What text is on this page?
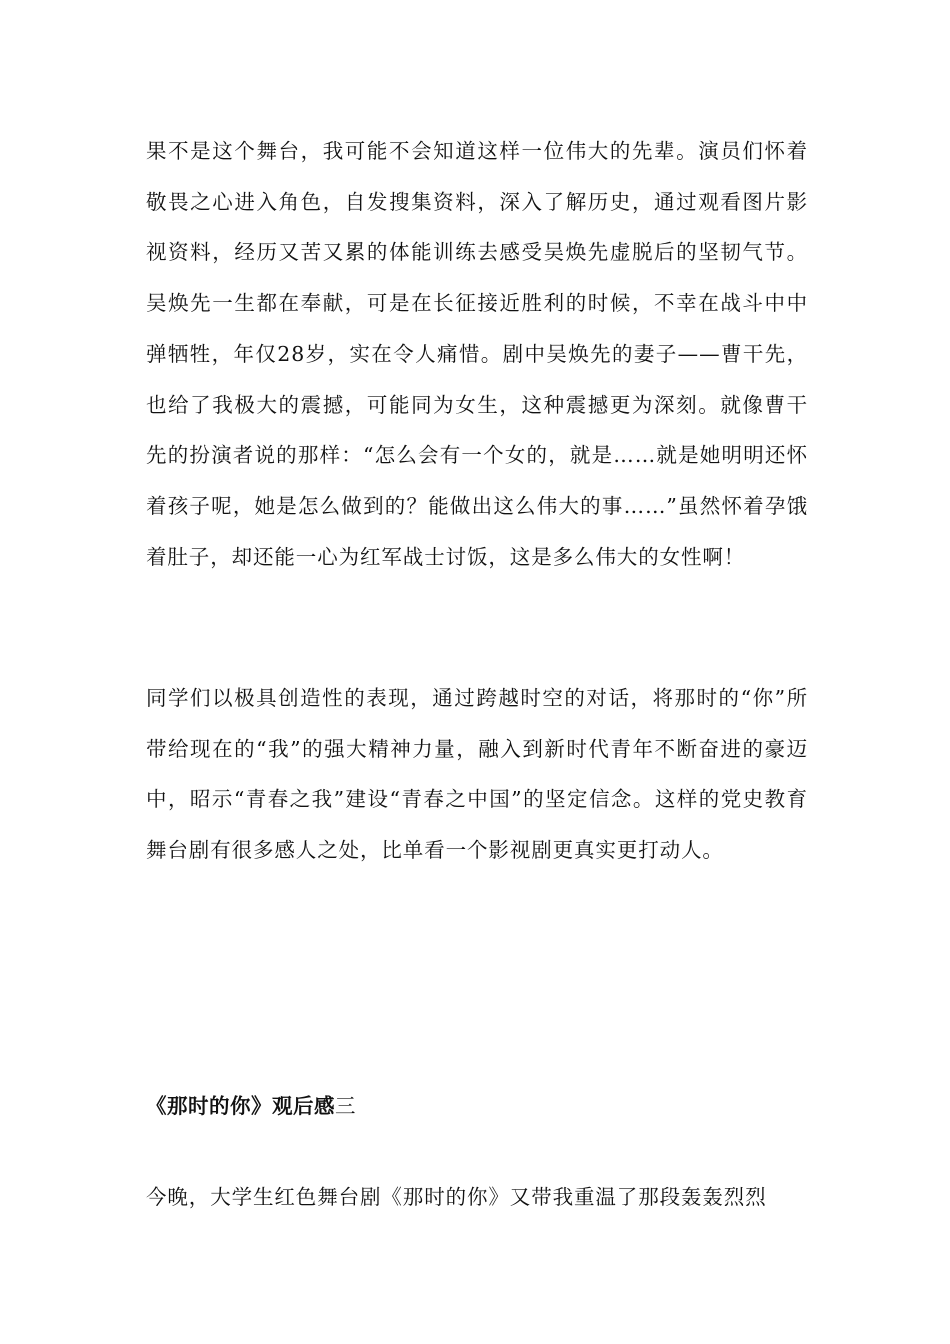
果不是这个舞台，我可能不会知道这样一位伟大的先辈。演员们怀着敬畏之心进入角色，自发搜集资料，深入了解历史，通过观看图片影视资料，经历又苦又累的体能训练去感受吴焕先虚脱后的坚韧气节。吴焕先一生都在奉献，可是在长征接近胜利的时候，不幸在战斗中中弹牺牲，年仅28岁，实在令人痛惜。剧中吴焕先的妻子——曹干先，也给了我极大的震撼，可能同为女生，这种震撼更为深刻。就像曹干先的扮演者说的那样：“怎么会有一个女的，就是……就是她明明还怀着孩子呢，她是怎么做到的？能做出这么伟大的事……”虽然怀着孕饿着肚子，却还能一心为红军战士讨饭，这是多么伟大的女性啊！

同学们以极具创造性的表现，通过跨越时空的对话，将那时的“你”所带给现在的“我”的强大精神力量，融入到新时代青年不断奋进的豪迈中，昭示“青春之我”建设“青春之中国”的坚定信念。这样的党史教育舞台剧有很多感人之处，比单看一个影视剧更真实更打动人。

《那时的你》观后感三

今晚，大学生红色舞台剧《那时的你》又带我重温了那段轰轰烈烈
